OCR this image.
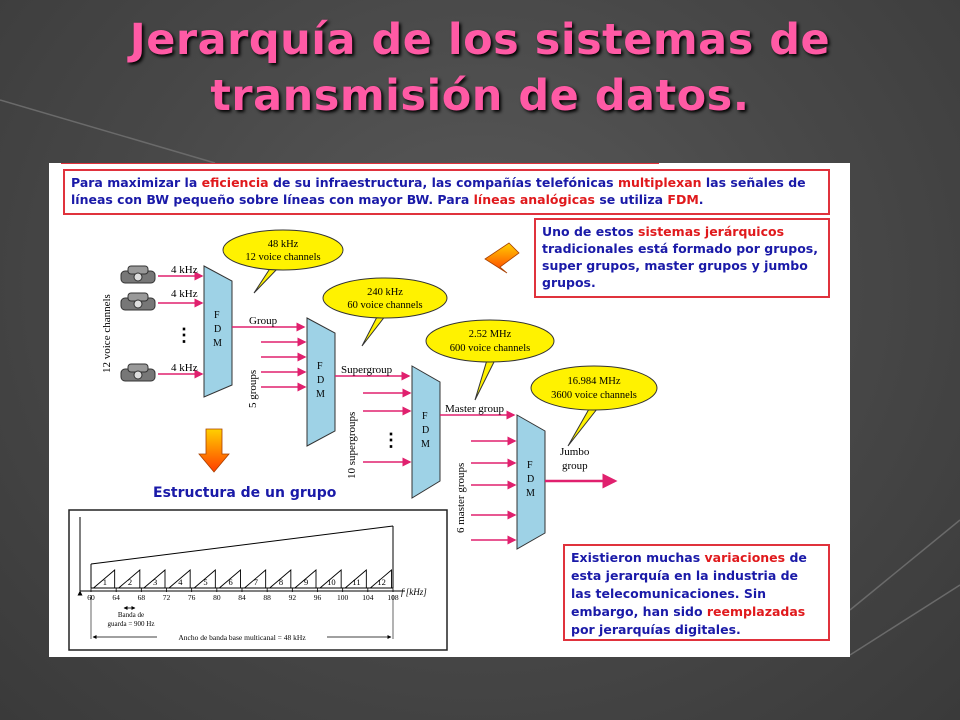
Jerarquía de los sistemas de
transmisión de datos.
Para maximizar la eficiencia de su infraestructura, las compañías telefónicas multiplexan las señales de líneas con BW pequeño sobre líneas con mayor BW. Para líneas analógicas se utiliza FDM.
Uno de estos sistemas jerárquicos tradicionales está formado por grupos, super grupos, master grupos y jumbo grupos.
Existieron muchas variaciones de esta jerarquía en la industria de las telecomunicaciones. Sin embargo, han sido reemplazadas por jerarquías digitales.
Estructura de un grupo
12 voice channels	⋮
4 kHz
4 kHz
4 kHz
F
D
M
Group
5 groups
F
D
M
Supergroup
10 supergroups ⋮
F
D
M
Master group
6 master groups	F
D
M
Jumbo
group
48 kHz
12 voice channels
240 kHz
60 voice channels
2.52 MHz
600 voice channels
16.984 MHz
3600 voice channels
1 2 3 4 5 6 7 8 9 10 11 12
60 64 68 72 76 80 84 88 92 96 100 104 108
f [kHz]
Banda de
guarda = 900 Hz
Ancho de banda base multicanal = 48 kHz
